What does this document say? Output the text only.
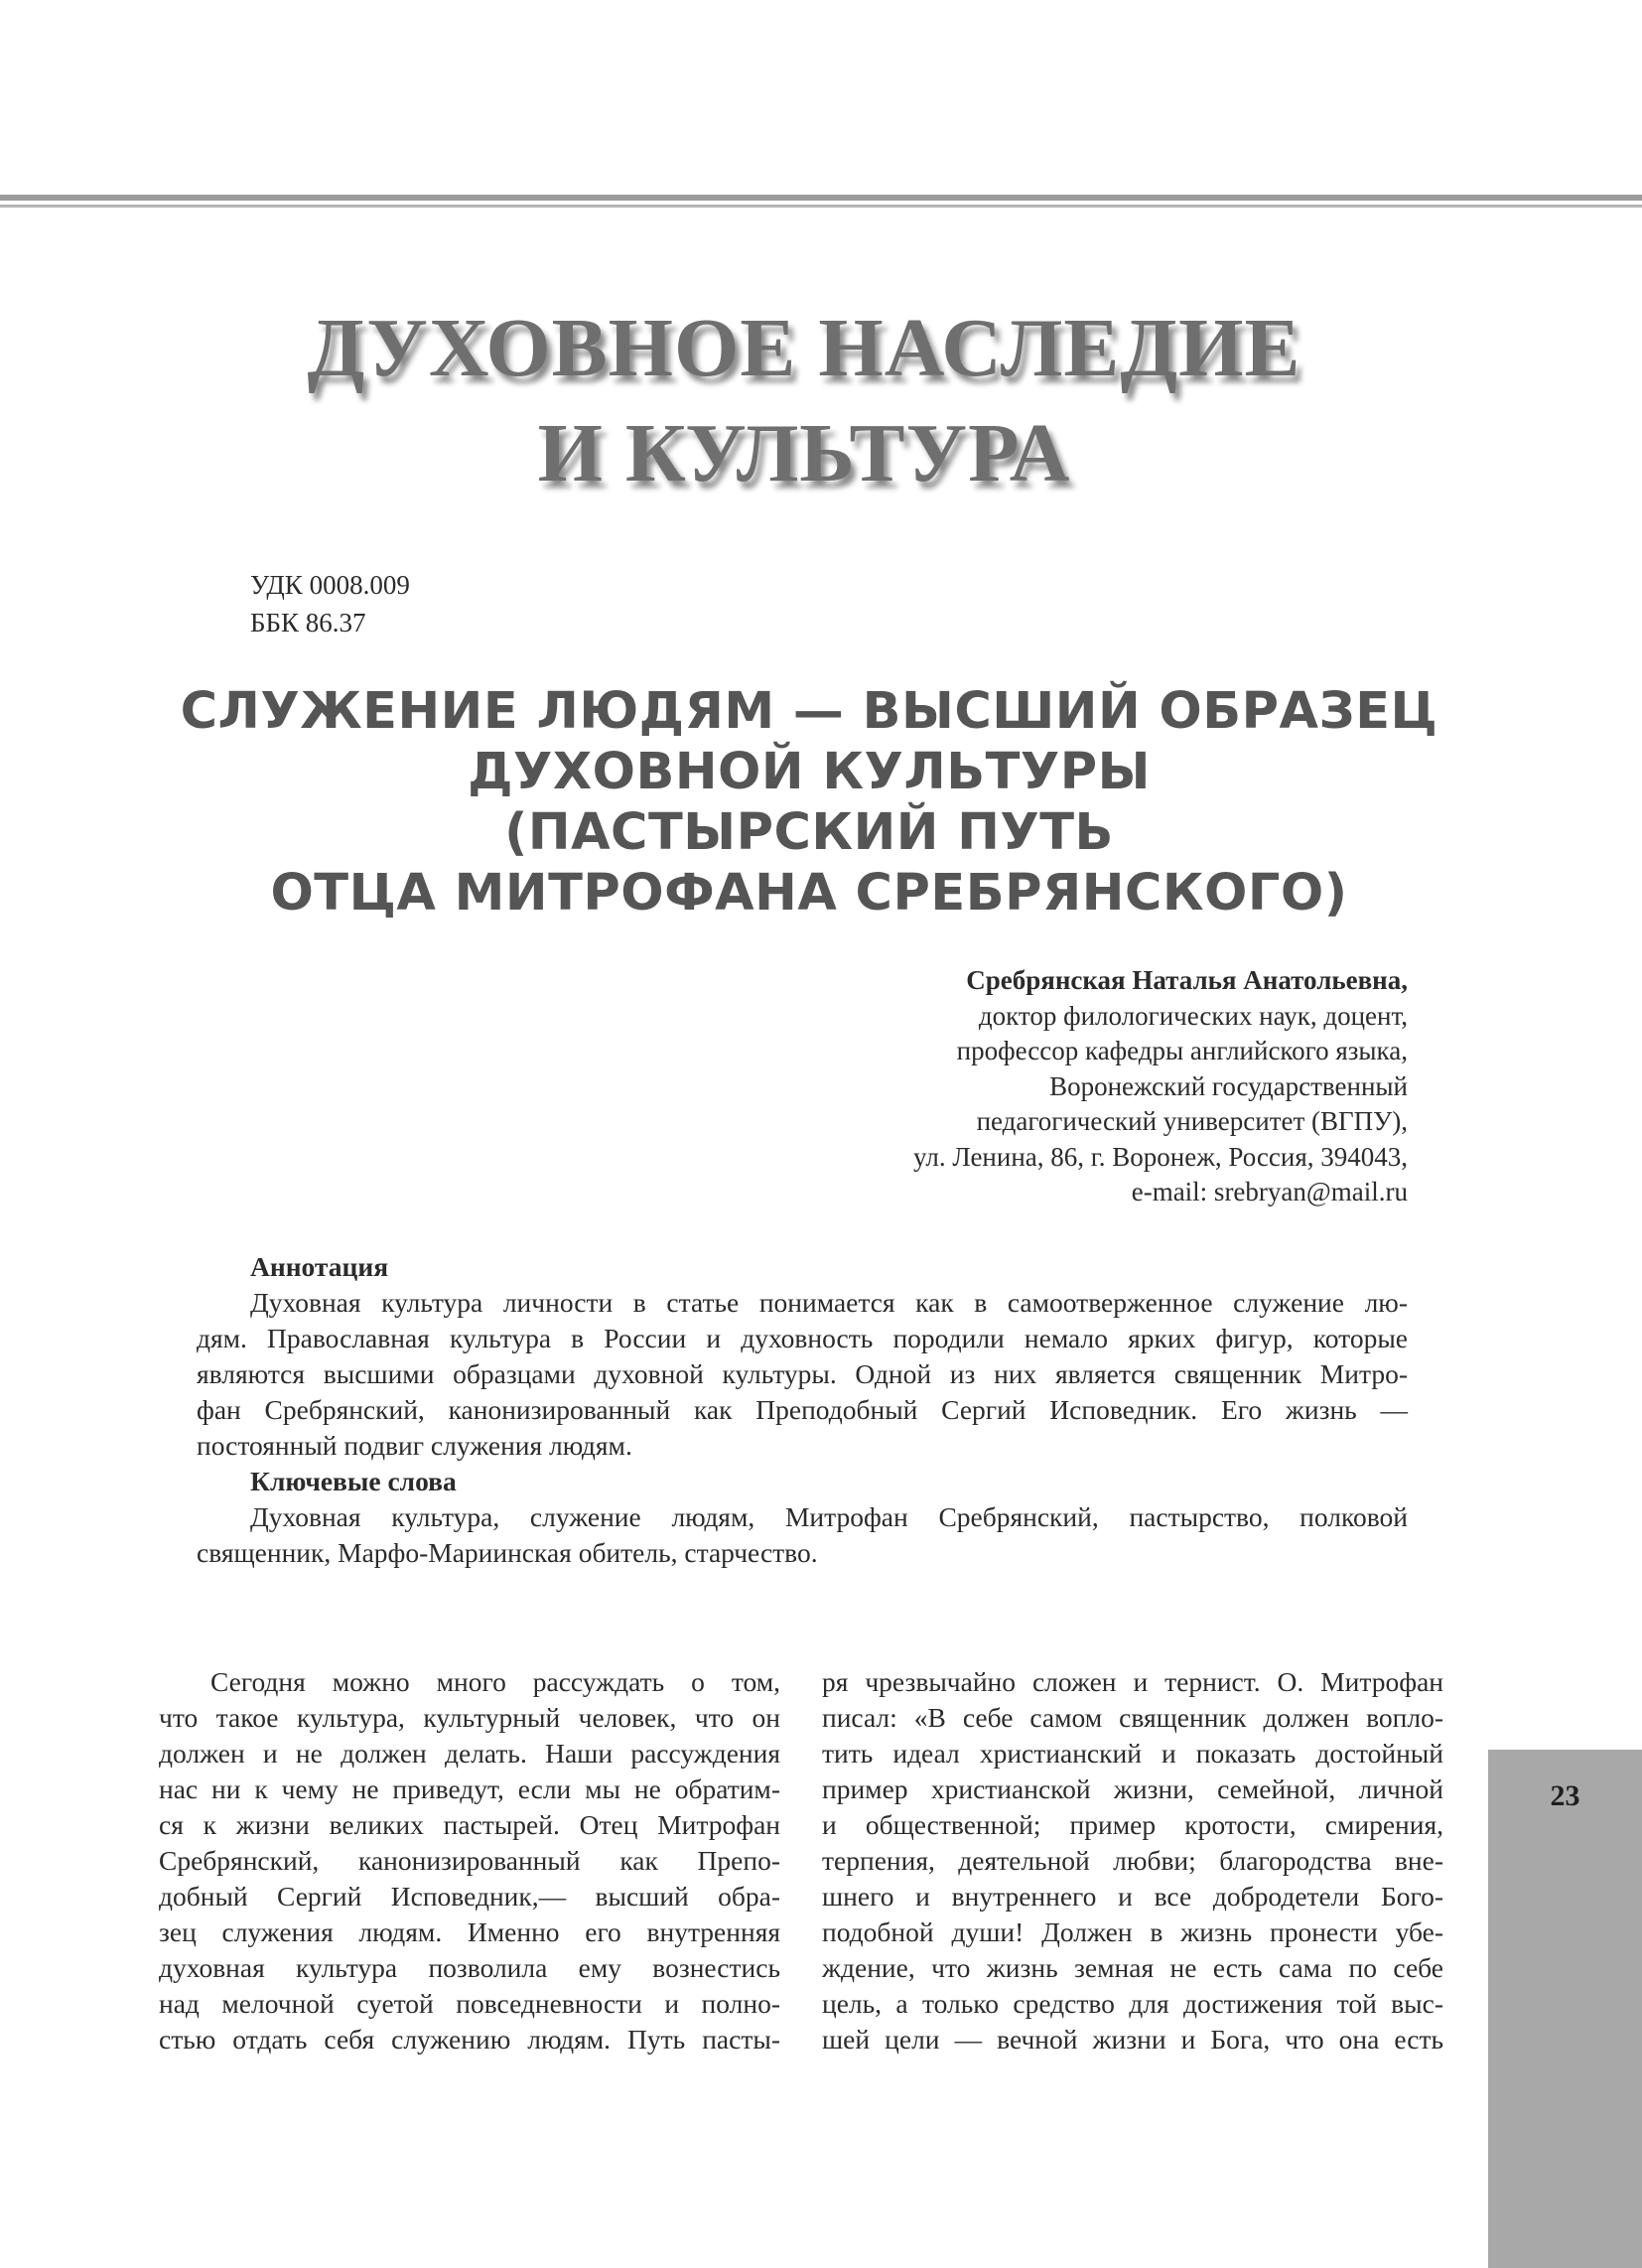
ДУХОВНОЕ НАСЛЕДИЕ
И КУЛЬТУРА
УДК 0008.009
ББК 86.37
СЛУЖЕНИЕ ЛЮДЯМ — ВЫСШИЙ ОБРАЗЕЦ
ДУХОВНОЙ КУЛЬТУРЫ
(ПАСТЫРСКИЙ ПУТЬ
ОТЦА МИТРОФАНА СРЕБРЯНСКОГО)
Сребрянская Наталья Анатольевна,
доктор филологических наук, доцент,
профессор кафедры английского языка,
Воронежский государственный
педагогический университет (ВГПУ),
ул. Ленина, 86, г. Воронеж, Россия, 394043,
e-mail: srebryan@mail.ru
Аннотация
Духовная культура личности в статье понимается как в самоотверженное служение лю-
дям. Православная культура в России и духовность породили немало ярких фигур, которые
являются высшими образцами духовной культуры. Одной из них является священник Митро-
фан Сребрянский, канонизированный как Преподобный Сергий Исповедник. Его жизнь —
постоянный подвиг служения людям.
Ключевые слова
Духовная культура, служение людям, Митрофан Сребрянский, пастырство, полковой
священник, Марфо-Мариинская обитель, старчество.
Сегодня можно много рассуждать о том,
что такое культура, культурный человек, что он
должен и не должен делать. Наши рассуждения
нас ни к чему не приведут, если мы не обратим-
ся к жизни великих пастырей. Отец Митрофан
Сребрянский, канонизированный как Препо-
добный Сергий Исповедник,— высший обра-
зец служения людям. Именно его внутренняя
духовная культура позволила ему вознестись
над мелочной суетой повседневности и полно-
стью отдать себя служению людям. Путь пасты-
ря чрезвычайно сложен и тернист. О. Митрофан
писал: «В себе самом священник должен вопло-
тить идеал христианский и показать достойный
пример христианской жизни, семейной, личной
и общественной; пример кротости, смирения,
терпения, деятельной любви; благородства вне-
шнего и внутреннего и все добродетели Бого-
подобной души! Должен в жизнь пронести убе-
ждение, что жизнь земная не есть сама по себе
цель, а только средство для достижения той выс-
шей цели — вечной жизни и Бога, что она есть
23
